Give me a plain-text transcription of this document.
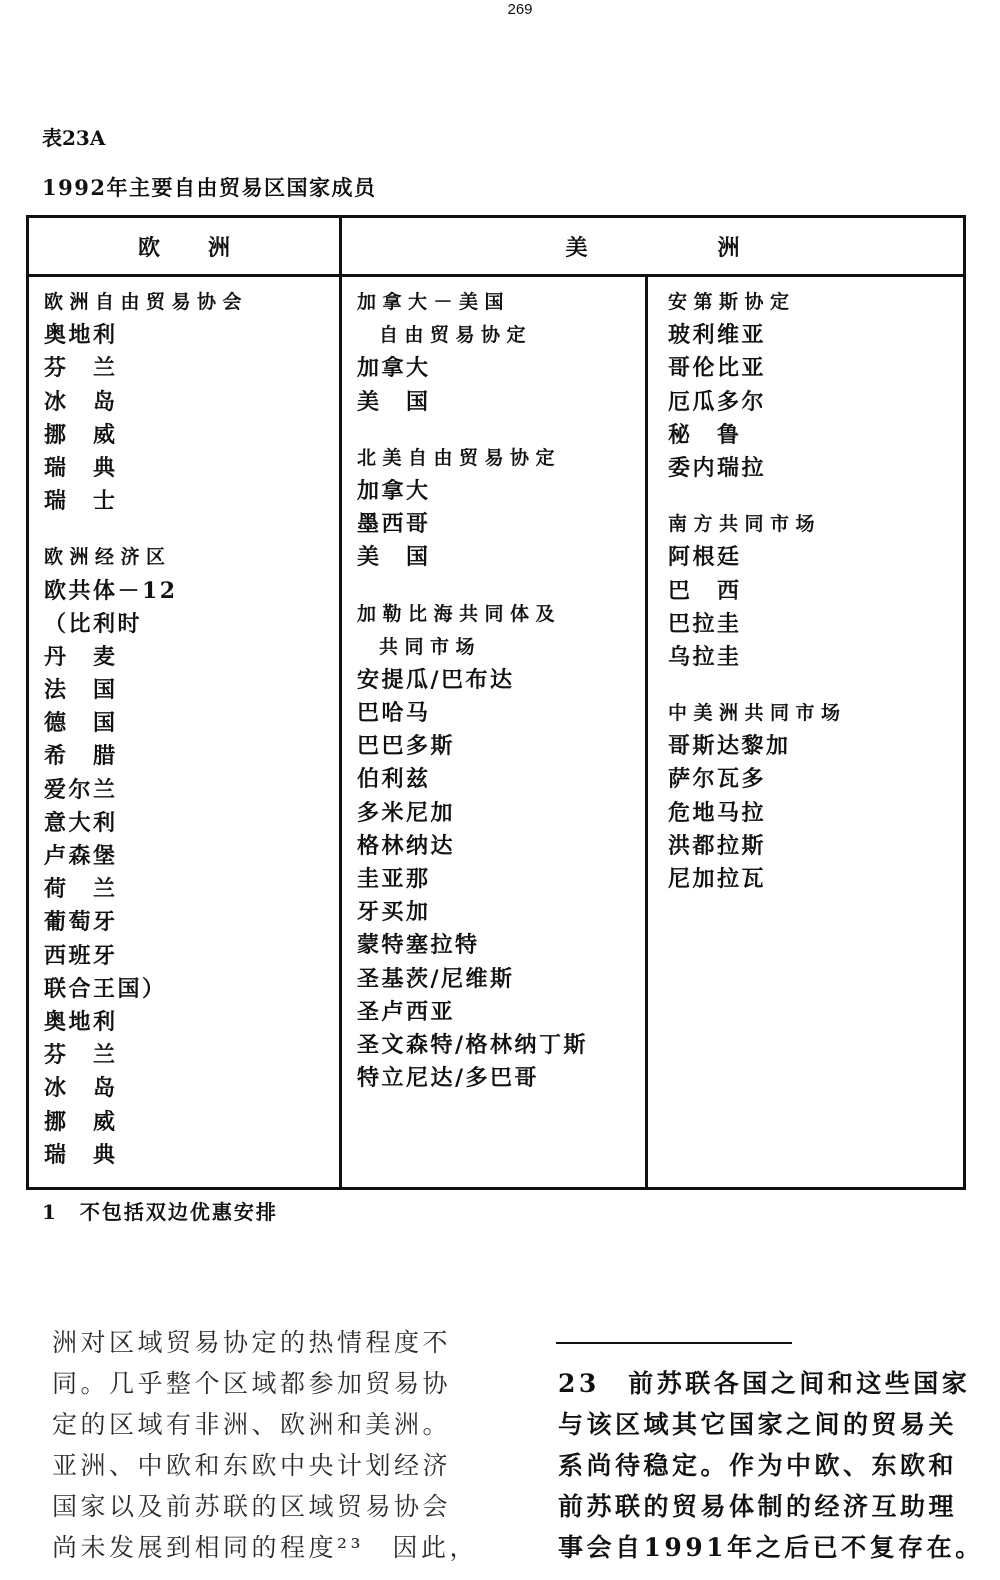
269
表23A
1992年主要自由贸易区国家成员
欧　洲	美　洲
欧洲自由贸易协会
奥地利
芬　兰
冰　岛
挪　威
瑞　典
瑞　士
欧洲经济区
欧共体－12
（比利时
丹　麦
法　国
德　国
希　腊
爱尔兰
意大利
卢森堡
荷　兰
葡萄牙
西班牙
联合王国）
奥地利
芬　兰
冰　岛
挪　威
瑞　典
加拿大－美国
自由贸易协定
加拿大
美　国
北美自由贸易协定
加拿大
墨西哥
美　国
加勒比海共同体及
共同市场
安提瓜/巴布达
巴哈马
巴巴多斯
伯利兹
多米尼加
格林纳达
圭亚那
牙买加
蒙特塞拉特
圣基茨/尼维斯
圣卢西亚
圣文森特/格林纳丁斯
特立尼达/多巴哥
安第斯协定
玻利维亚
哥伦比亚
厄瓜多尔
秘　鲁
委内瑞拉
南方共同市场
阿根廷
巴　西
巴拉圭
乌拉圭
中美洲共同市场
哥斯达黎加
萨尔瓦多
危地马拉
洪都拉斯
尼加拉瓦
1　不包括双边优惠安排
洲对区域贸易协定的热情程度不
同。几乎整个区域都参加贸易协
定的区域有非洲、欧洲和美洲。
亚洲、中欧和东欧中央计划经济
国家以及前苏联的区域贸易协会
尚未发展到相同的程度²³　因此，
23　前苏联各国之间和这些国家
与该区域其它国家之间的贸易关
系尚待稳定。作为中欧、东欧和
前苏联的贸易体制的经济互助理
事会自1991年之后已不复存在。
